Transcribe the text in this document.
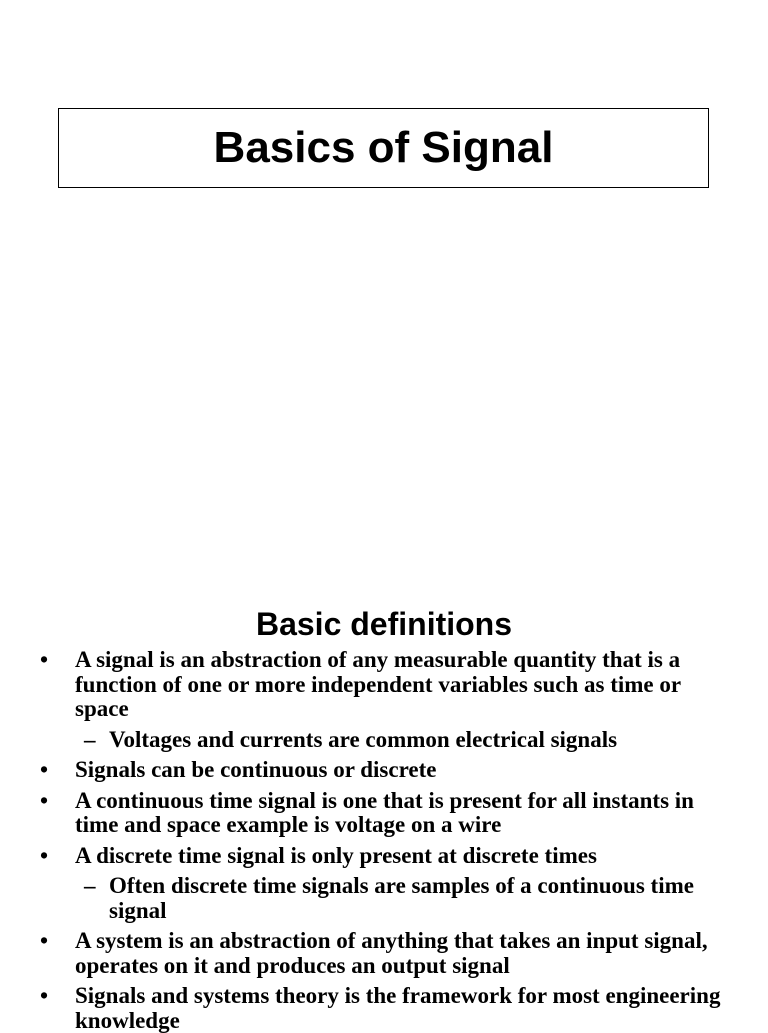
Basics of Signal
Basic definitions
• A signal is an abstraction of any measurable quantity that is a function of one or more independent variables such as time or space
– Voltages and currents are common electrical signals
• Signals can be continuous or discrete
• A continuous time signal is one that is present for all instants in time and space example is voltage on a wire
• A discrete time signal is only present at discrete times
– Often discrete time signals are samples of a continuous time signal
• A system is an abstraction of anything that takes an input signal, operates on it and produces an output signal
• Signals and systems theory is the framework for most engineering knowledge
